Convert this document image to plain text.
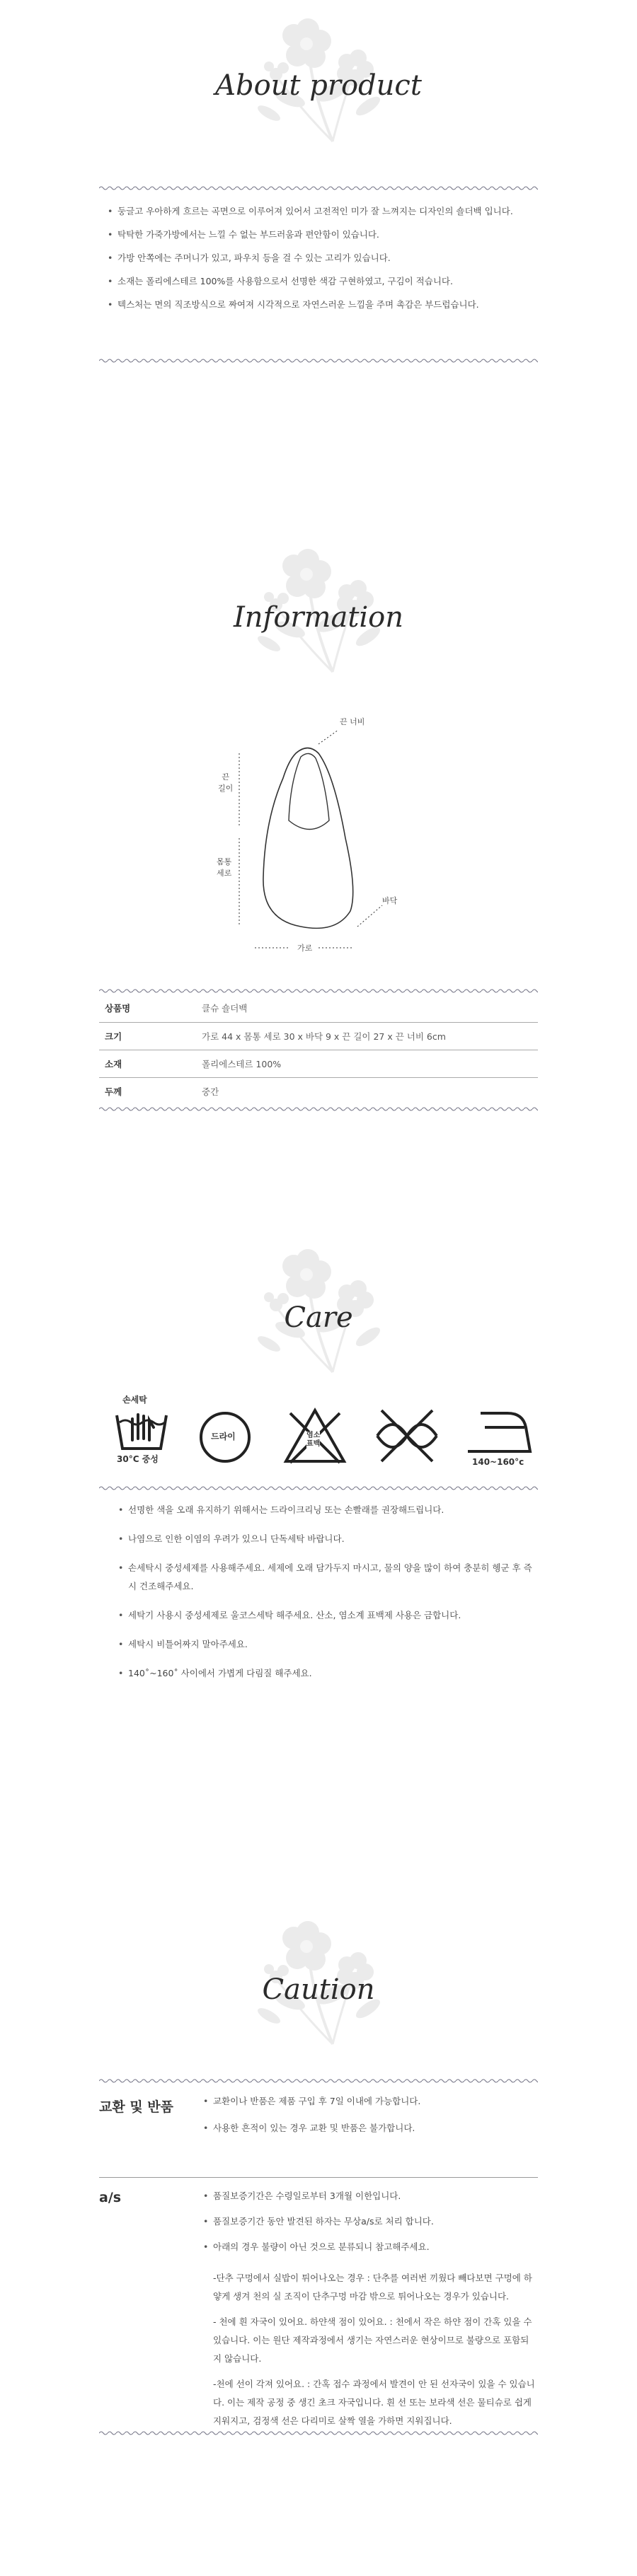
About product
• 둥글고 우아하게 흐르는 곡면으로 이루어져 있어서 고전적인 미가 잘 느껴지는 디자인의 숄더백 입니다.
• 탁탁한 가죽가방에서는 느낄 수 없는 부드러움과 편안함이 있습니다.
• 가방 안쪽에는 주머니가 있고, 파우치 등을 걸 수 있는 고리가 있습니다.
• 소재는 폴리에스테르 100%를 사용함으로서 선명한 색감 구현하였고, 구김이 적습니다.
• 텍스처는 면의 직조방식으로 짜여져 시각적으로 자연스러운 느낌을 주며 촉감은 부드럽습니다.
Information
끈 너비
끈
길이
몸통
세로
가로
바닥
상품명	클슈 숄더백
크기	가로 44 x 몸통 세로 30 x 바닥 9 x 끈 길이 27 x 끈 너비 6cm
소재	폴리에스테르 100%
두께	중간
Care
손세탁
30°C 중성
드라이	염소
표백
140~160°c
• 선명한 색을 오래 유지하기 위해서는 드라이크리닝 또는 손빨래를 권장해드립니다.
• 나염으로 인한 이염의 우려가 있으니 단독세탁 바랍니다.
• 손세탁시 중성세제를 사용해주세요. 세제에 오래 담가두지 마시고, 물의 양을 많이 하여 충분히 헹군 후 즉시 건조해주세요.
• 세탁기 사용시 중성세제로 울코스세탁 해주세요. 산소, 염소계 표백제 사용은 금합니다.
• 세탁시 비틀어짜지 말아주세요.
• 140˚~160˚ 사이에서 가볍게 다림질 해주세요.
Caution
교환 및 반품	• 교환이나 반품은 제품 구입 후 7일 이내에 가능합니다.
• 사용한 흔적이 있는 경우 교환 및 반품은 불가합니다.
a/s	• 품질보증기간은 수령일로부터 3개월 이한입니다.
• 품질보증기간 동안 발견된 하자는 무상a/s로 처리 합니다.
• 아래의 경우 불량이 아닌 것으로 분류되니 참고해주세요.
-단추 구멍에서 실밥이 튀어나오는 경우 : 단추를 여러번 끼웠다 빼다보면 구멍에 하얗게 생겨 천의 실 조직이 단추구멍 마감 밖으로 튀어나오는 경우가 있습니다.
- 천에 흰 자국이 있어요. 하얀색 점이 있어요. : 천에서 작은 하얀 점이 간혹 있을 수 있습니다. 이는 원단 제작과정에서 생기는 자연스러운 현상이므로 불량으로 포함되지 않습니다.
-천에 선이 각져 있어요. : 간혹 접수 과정에서 발견이 안 된 선자국이 있을 수 있습니다. 이는 제작 공정 중 생긴 초크 자국입니다. 흰 선 또는 보라색 선은 물티슈로 쉽게 지워지고, 검정색 선은 다리미로 살짝 열을 가하면 지워집니다.
